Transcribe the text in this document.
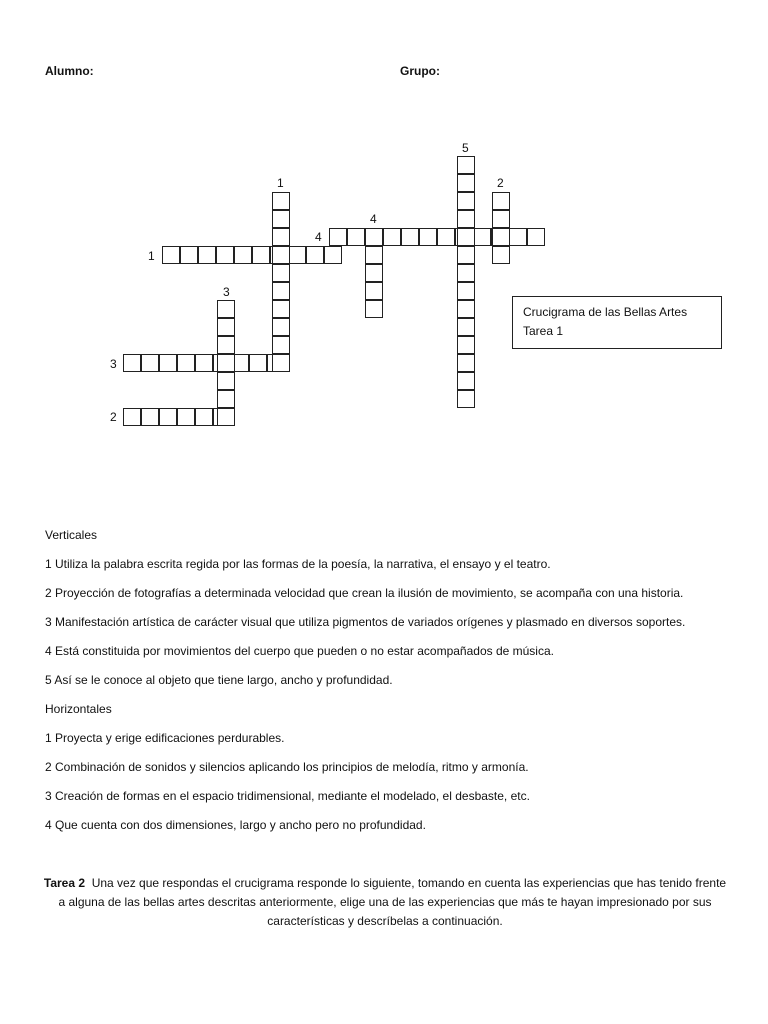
Alumno:	Grupo:
1	2
3
4
5
1
2
3
4
Crucigrama de las Bellas Artes
Tarea 1

Verticales

1 Utiliza la palabra escrita regida por las formas de la poesía, la narrativa, el ensayo y el teatro.

2 Proyección de fotografías a determinada velocidad que crean la ilusión de movimiento, se acompaña con una historia.

3 Manifestación artística de carácter visual que utiliza pigmentos de variados orígenes y plasmado en diversos soportes.

4 Está constituida por movimientos del cuerpo que pueden o no estar acompañados de música.

5 Así se le conoce al objeto que tiene largo, ancho y profundidad.

Horizontales

1 Proyecta y erige edificaciones perdurables.

2 Combinación de sonidos y silencios aplicando los principios de melodía, ritmo y armonía.

3 Creación de formas en el espacio tridimensional, mediante el modelado, el desbaste, etc.

4 Que cuenta con dos dimensiones, largo y ancho pero no profundidad.

Tarea 2 Una vez que respondas el crucigrama responde lo siguiente, tomando en cuenta las experiencias que has tenido frente a alguna de las bellas artes descritas anteriormente, elige una de las experiencias que más te hayan impresionado por sus características y descríbelas a continuación.
